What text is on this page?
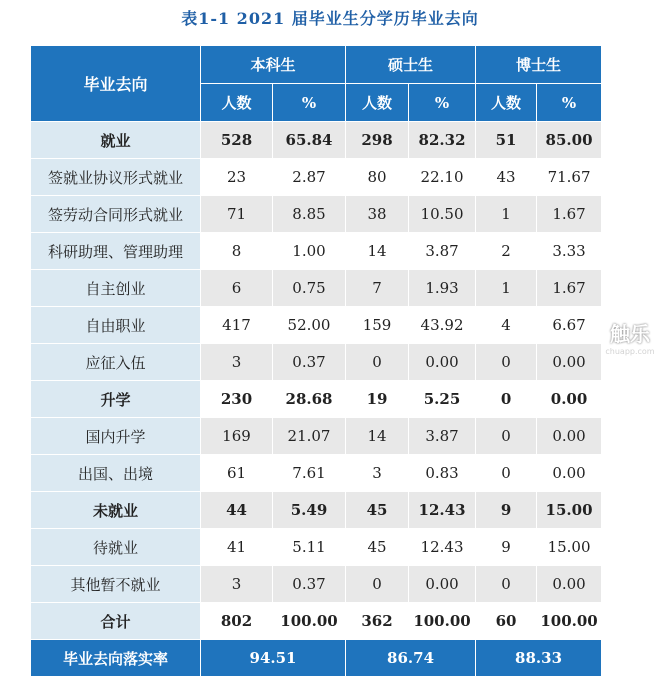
表1-1 2021 届毕业生分学历毕业去向
毕业去向	本科生		硕士生		博士生	
	人数	%	人数	%	人数	%
就业	528	65.84	298	82.32	51	85.00
签就业协议形式就业	23	2.87	80	22.10	43	71.67
签劳动合同形式就业	71	8.85	38	10.50	1	1.67
科研助理、管理助理	8	1.00	14	3.87	2	3.33
自主创业	6	0.75	7	1.93	1	1.67
自由职业	417	52.00	159	43.92	4	6.67
应征入伍	3	0.37	0	0.00	0	0.00
升学	230	28.68	19	5.25	0	0.00
国内升学	169	21.07	14	3.87	0	0.00
出国、出境	61	7.61	3	0.83	0	0.00
未就业	44	5.49	45	12.43	9	15.00
待就业	41	5.11	45	12.43	9	15.00
其他暂不就业	3	0.37	0	0.00	0	0.00
合计	802	100.00	362	100.00	60	100.00
毕业去向落实率	94.51		86.74		88.33	
触乐
chuapp.com
